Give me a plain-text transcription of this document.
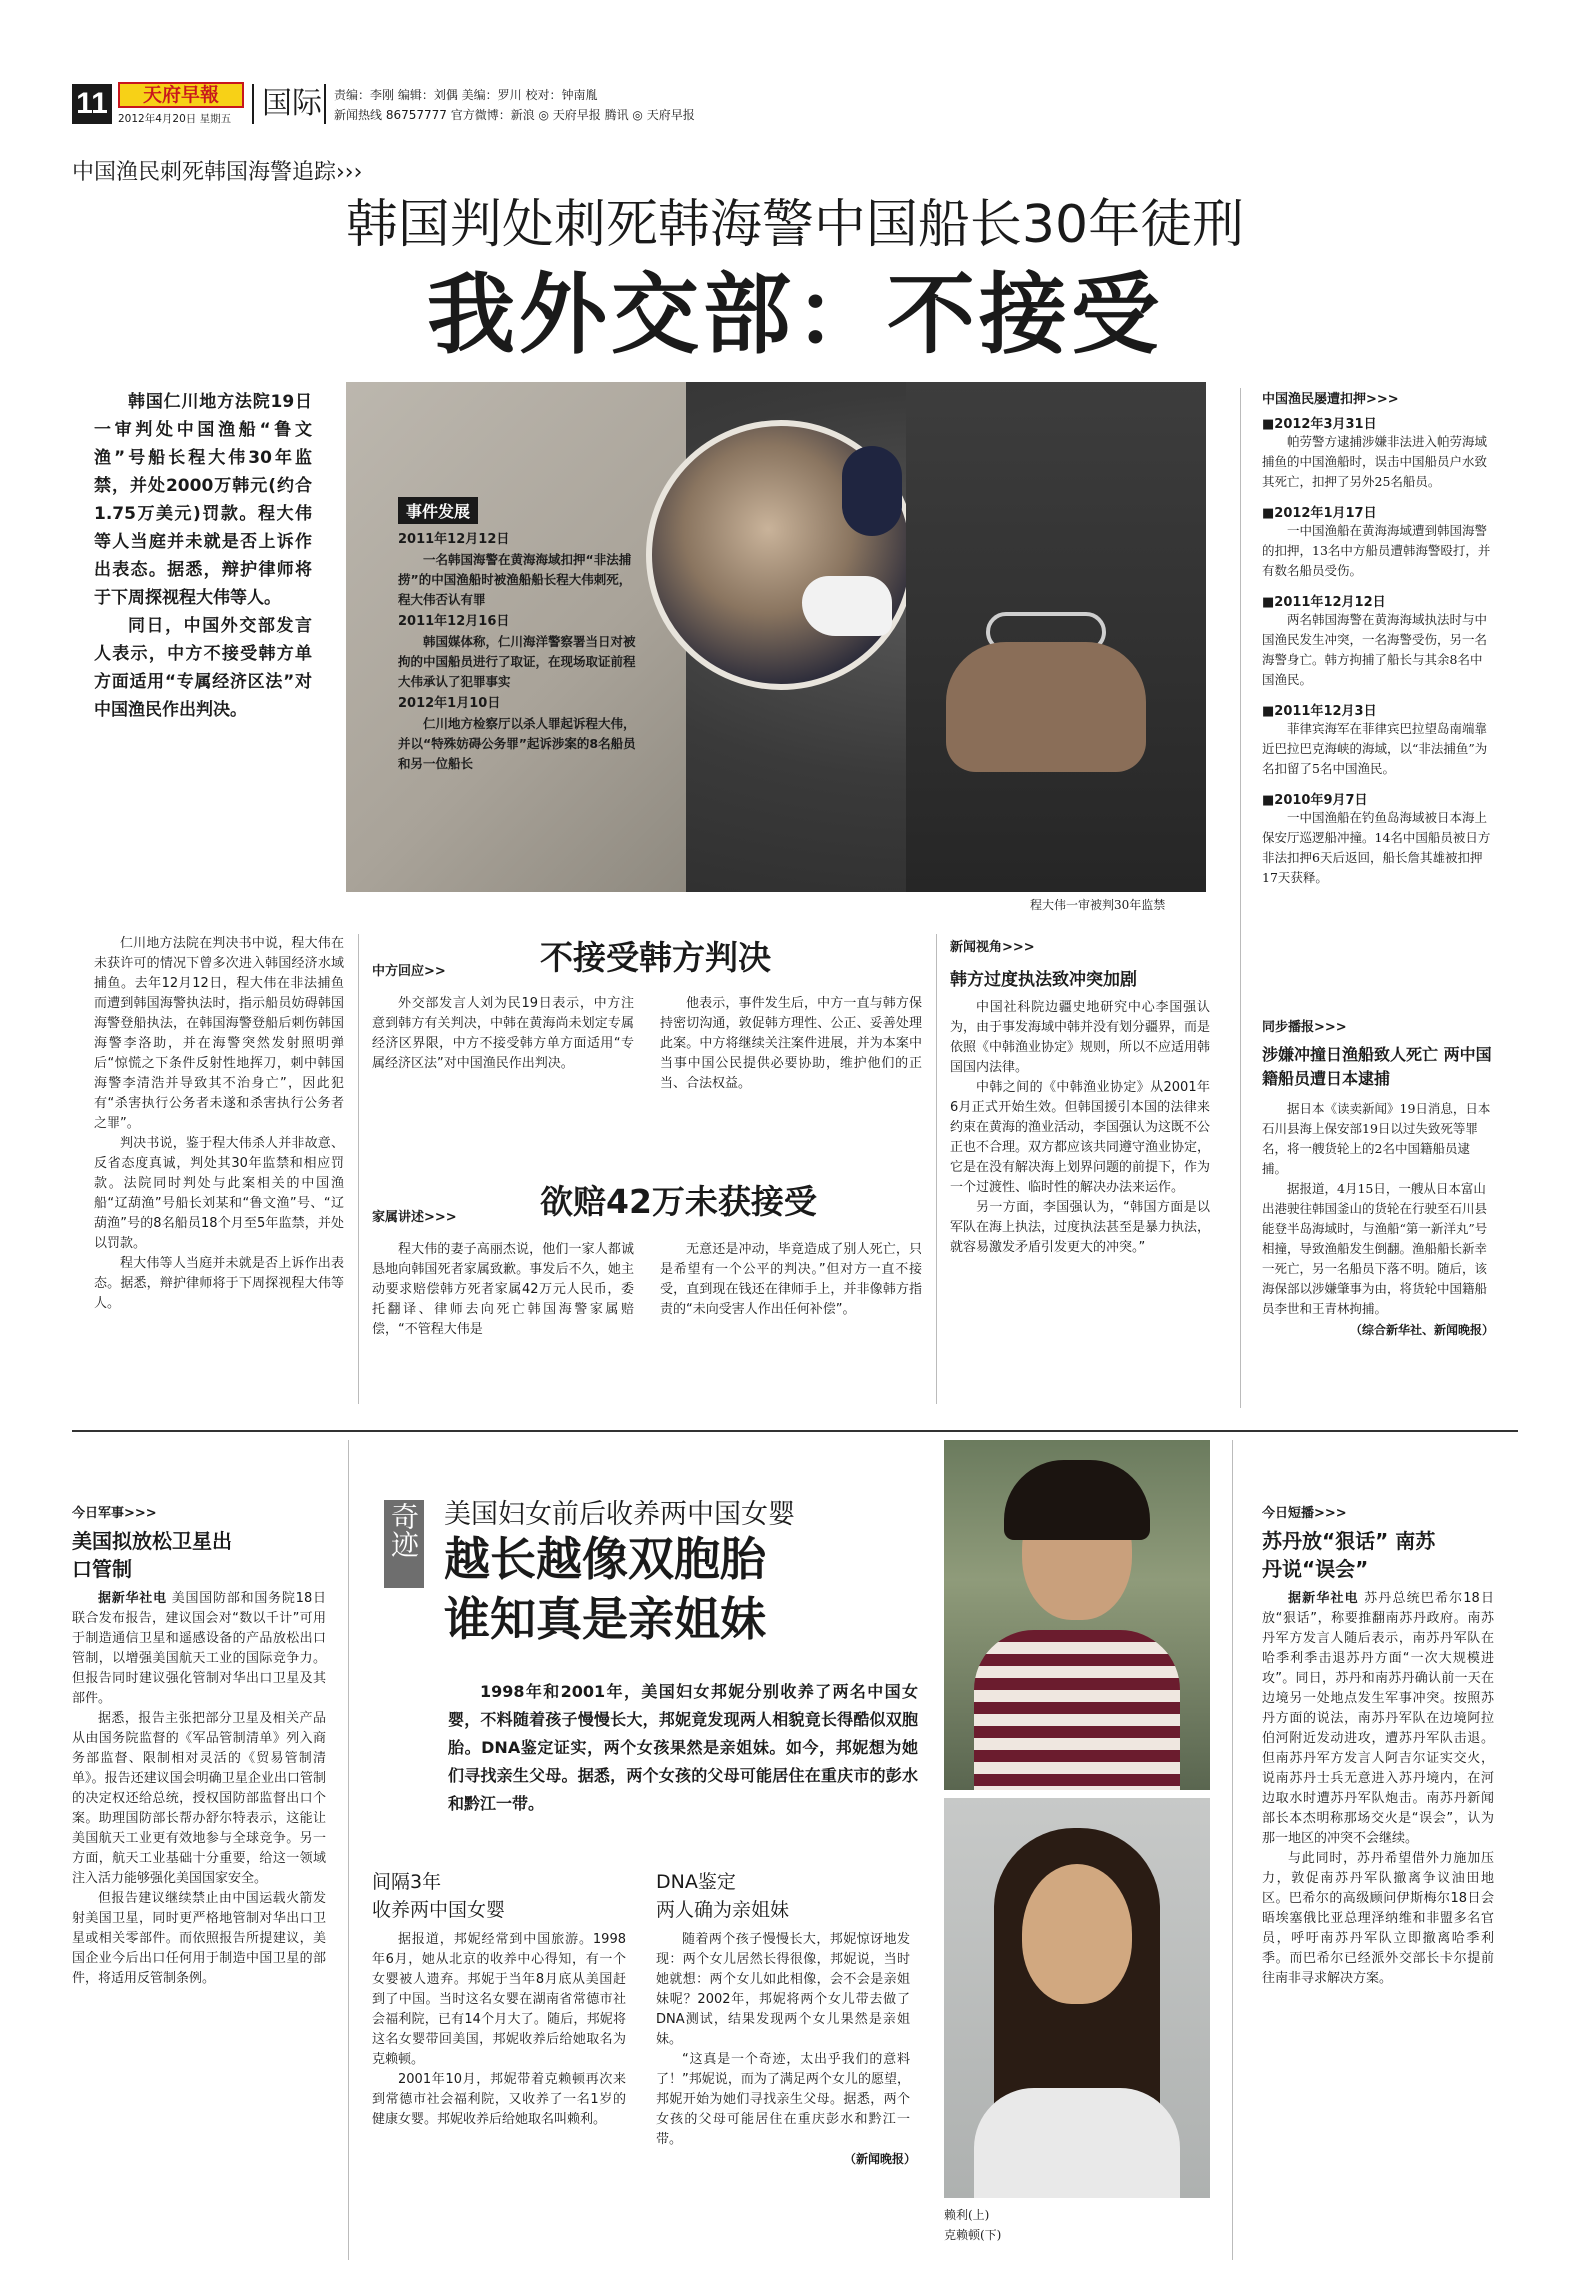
11	天府早報
2012年4月20日 星期五 国际 责编：李刚 编辑：刘偶 美编：罗川 校对：钟南胤
新闻热线 86757777 官方微博：新浪 ◎ 天府早报 腾讯 ◎ 天府早报
中国渔民刺死韩国海警追踪›››
韩国判处刺死韩海警中国船长30年徒刑
我外交部：不接受

韩国仁川地方法院19日一审判处中国渔船“鲁文渔”号船长程大伟30年监禁，并处2000万韩元(约合1.75万美元)罚款。程大伟等人当庭并未就是否上诉作出表态。据悉，辩护律师将于下周探视程大伟等人。

同日，中国外交部发言人表示，中方不接受韩方单方面适用“专属经济区法”对中国渔民作出判决。

事件发展
2011年12月12日
一名韩国海警在黄海海域扣押“非法捕捞”的中国渔船时被渔船船长程大伟刺死，程大伟否认有罪
2011年12月16日
韩国媒体称，仁川海洋警察署当日对被拘的中国船员进行了取证，在现场取证前程大伟承认了犯罪事实
2012年1月10日
仁川地方检察厅以杀人罪起诉程大伟，并以“特殊妨碍公务罪”起诉涉案的8名船员和另一位船长
程大伟一审被判30年监禁
中国渔民屡遭扣押>>>
■2012年3月31日
帕劳警方逮捕涉嫌非法进入帕劳海域捕鱼的中国渔船时，误击中国船员户水致其死亡，扣押了另外25名船员。
■2012年1月17日
一中国渔船在黄海海域遭到韩国海警的扣押，13名中方船员遭韩海警殴打，并有数名船员受伤。
■2011年12月12日
两名韩国海警在黄海海域执法时与中国渔民发生冲突，一名海警受伤，另一名海警身亡。韩方拘捕了船长与其余8名中国渔民。
■2011年12月3日
菲律宾海军在菲律宾巴拉望岛南端靠近巴拉巴克海峡的海域，以“非法捕鱼”为名扣留了5名中国渔民。
■2010年9月7日
一中国渔船在钓鱼岛海域被日本海上保安厅巡逻船冲撞。14名中国船员被日方非法扣押6天后返回，船长詹其雄被扣押17天获释。

仁川地方法院在判决书中说，程大伟在未获许可的情况下曾多次进入韩国经济水域捕鱼。去年12月12日，程大伟在非法捕鱼而遭到韩国海警执法时，指示船员妨碍韩国海警登船执法，在韩国海警登船后刺伤韩国海警李洛助，并在海警突然发射照明弹后“惊慌之下条件反射性地挥刀，刺中韩国海警李清浩并导致其不治身亡”，因此犯有“杀害执行公务者未遂和杀害执行公务者之罪”。

判决书说，鉴于程大伟杀人并非故意、反省态度真诚，判处其30年监禁和相应罚款。法院同时判处与此案相关的中国渔船“辽葫渔”号船长刘某和“鲁文渔”号、“辽葫渔”号的8名船员18个月至5年监禁，并处以罚款。

程大伟等人当庭并未就是否上诉作出表态。据悉，辩护律师将于下周探视程大伟等人。

中方回应>>	不接受韩方判决

外交部发言人刘为民19日表示，中方注意到韩方有关判决，中韩在黄海尚未划定专属经济区界限，中方不接受韩方单方面适用“专属经济区法”对中国渔民作出判决。

他表示，事件发生后，中方一直与韩方保持密切沟通，敦促韩方理性、公正、妥善处理此案。中方将继续关注案件进展，并为本案中当事中国公民提供必要协助，维护他们的正当、合法权益。

家属讲述>>>	欲赔42万未获接受

程大伟的妻子高丽杰说，他们一家人都诚恳地向韩国死者家属致歉。事发后不久，她主动要求赔偿韩方死者家属42万元人民币，委托翻译、律师去向死亡韩国海警家属赔偿，“不管程大伟是

无意还是冲动，毕竟造成了别人死亡，只是希望有一个公平的判决。”但对方一直不接受，直到现在钱还在律师手上，并非像韩方指责的“未向受害人作出任何补偿”。

新闻视角>>>
韩方过度执法致冲突加剧

中国社科院边疆史地研究中心李国强认为，由于事发海域中韩并没有划分疆界，而是依照《中韩渔业协定》规则，所以不应适用韩国国内法律。

中韩之间的《中韩渔业协定》从2001年6月正式开始生效。但韩国援引本国的法律来约束在黄海的渔业活动，李国强认为这既不公正也不合理。双方都应该共同遵守渔业协定，它是在没有解决海上划界问题的前提下，作为一个过渡性、临时性的解决办法来运作。

另一方面，李国强认为，“韩国方面是以军队在海上执法，过度执法甚至是暴力执法，就容易激发矛盾引发更大的冲突。”

同步播报>>>
涉嫌冲撞日渔船致人死亡 两中国籍船员遭日本逮捕
据日本《读卖新闻》19日消息，日本石川县海上保安部19日以过失致死等罪名，将一艘货轮上的2名中国籍船员逮捕。
据报道，4月15日，一艘从日本富山出港驶往韩国釜山的货轮在行驶至石川县能登半岛海域时，与渔船“第一新洋丸”号相撞，导致渔船发生倒翻。渔船船长新幸一死亡，另一名船员下落不明。随后，该海保部以涉嫌肇事为由，将货轮中国籍船员李世和王青林拘捕。
（综合新华社、新闻晚报）
今日军事>>>
美国拟放松卫星出口管制

据新华社电 美国国防部和国务院18日联合发布报告，建议国会对“数以千计”可用于制造通信卫星和遥感设备的产品放松出口管制，以增强美国航天工业的国际竞争力。但报告同时建议强化管制对华出口卫星及其部件。

据悉，报告主张把部分卫星及相关产品从由国务院监督的《军品管制清单》列入商务部监督、限制相对灵活的《贸易管制清单》。报告还建议国会明确卫星企业出口管制的决定权还给总统，授权国防部监督出口个案。助理国防部长帮办舒尔特表示，这能让美国航天工业更有效地参与全球竞争。另一方面，航天工业基础十分重要，给这一领域注入活力能够强化美国国家安全。

但报告建议继续禁止由中国运载火箭发射美国卫星，同时更严格地管制对华出口卫星或相关零部件。而依照报告所提建议，美国企业今后出口任何用于制造中国卫星的部件，将适用反管制条例。

奇迹 美国妇女前后收养两中国女婴
越长越像双胞胎
谁知真是亲姐妹

1998年和2001年，美国妇女邦妮分别收养了两名中国女婴，不料随着孩子慢慢长大，邦妮竟发现两人相貌竟长得酷似双胞胎。DNA鉴定证实，两个女孩果然是亲姐妹。如今，邦妮想为她们寻找亲生父母。据悉，两个女孩的父母可能居住在重庆市的彭水和黔江一带。

间隔3年
收养两中国女婴

据报道，邦妮经常到中国旅游。1998年6月，她从北京的收养中心得知，有一个女婴被人遗弃。邦妮于当年8月底从美国赶到了中国。当时这名女婴在湖南省常德市社会福利院，已有14个月大了。随后，邦妮将这名女婴带回美国，邦妮收养后给她取名为克赖顿。

2001年10月，邦妮带着克赖顿再次来到常德市社会福利院，又收养了一名1岁的健康女婴。邦妮收养后给她取名叫赖利。

DNA鉴定
两人确为亲姐妹

随着两个孩子慢慢长大，邦妮惊讶地发现：两个女儿居然长得很像，邦妮说，当时她就想：两个女儿如此相像，会不会是亲姐妹呢？2002年，邦妮将两个女儿带去做了DNA测试，结果发现两个女儿果然是亲姐妹。

“这真是一个奇迹，太出乎我们的意料了！”邦妮说，而为了满足两个女儿的愿望，邦妮开始为她们寻找亲生父母。据悉，两个女孩的父母可能居住在重庆彭水和黔江一带。

（新闻晚报）
赖利(上)
克赖顿(下)
今日短播>>>
苏丹放“狠话” 南苏丹说“误会”

据新华社电 苏丹总统巴希尔18日放“狠话”，称要推翻南苏丹政府。南苏丹军方发言人随后表示，南苏丹军队在哈季利季击退苏丹方面“一次大规模进攻”。同日，苏丹和南苏丹确认前一天在边境另一处地点发生军事冲突。按照苏丹方面的说法，南苏丹军队在边境阿拉伯河附近发动进攻，遭苏丹军队击退。但南苏丹军方发言人阿吉尔证实交火，说南苏丹士兵无意进入苏丹境内，在河边取水时遭苏丹军队炮击。南苏丹新闻部长本杰明称那场交火是“误会”，认为那一地区的冲突不会继续。

与此同时，苏丹希望借外力施加压力，敦促南苏丹军队撤离争议油田地区。巴希尔的高级顾问伊斯梅尔18日会晤埃塞俄比亚总理泽纳维和非盟多名官员，呼吁南苏丹军队立即撤离哈季利季。而巴希尔已经派外交部长卡尔提前往南非寻求解决方案。
